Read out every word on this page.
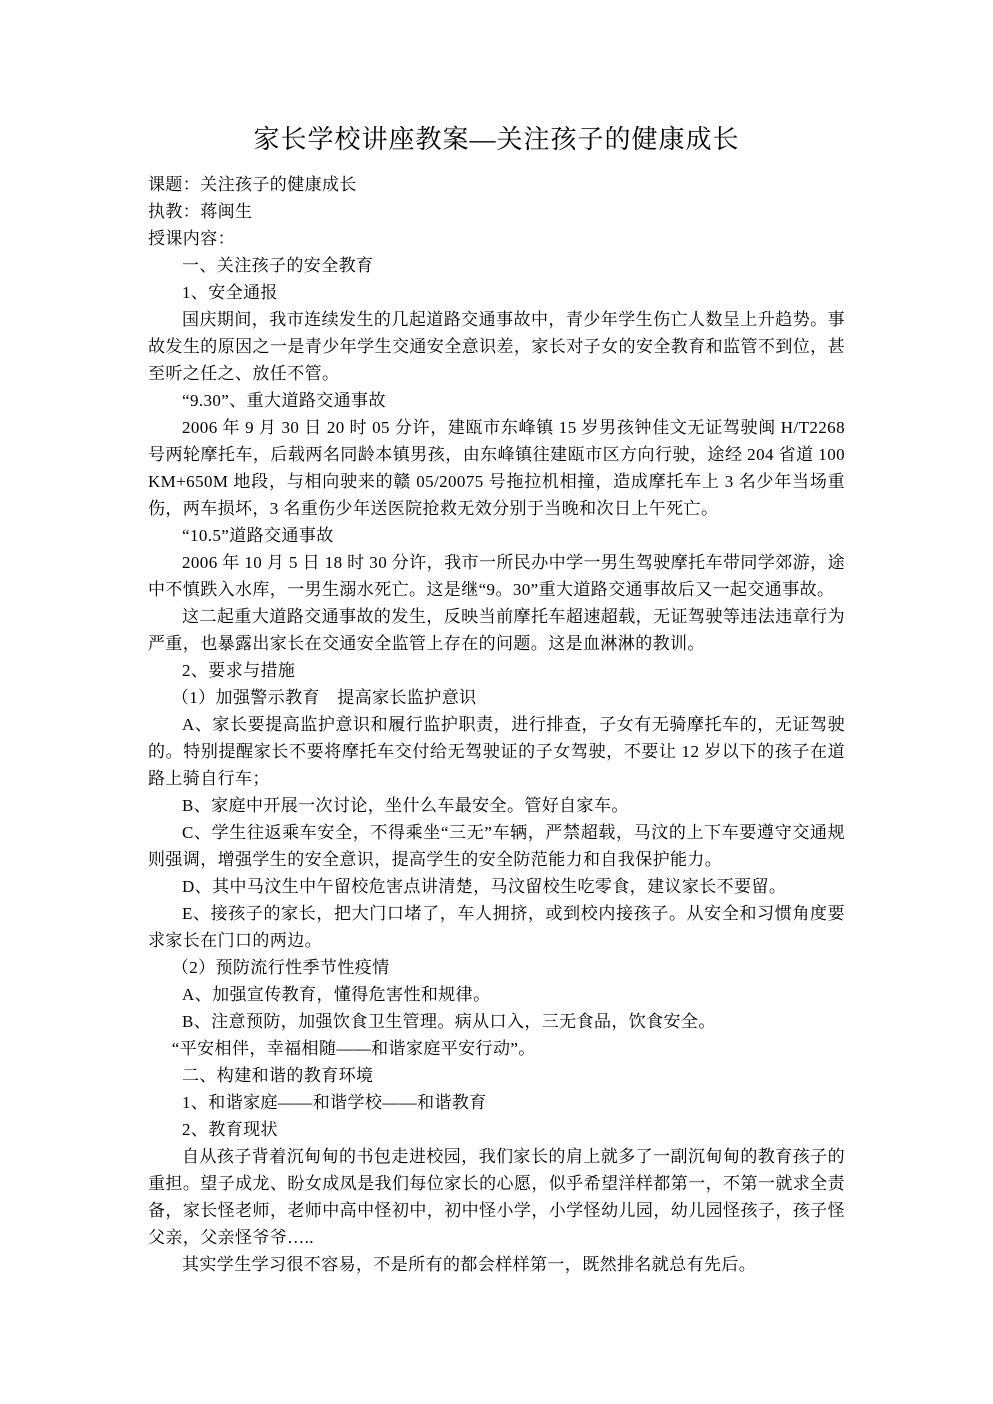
家长学校讲座教案—关注孩子的健康成长

课题：关注孩子的健康成长

执教：蒋闽生

授课内容：

一、关注孩子的安全教育

1、安全通报

国庆期间，我市连续发生的几起道路交通事故中，青少年学生伤亡人数呈上升趋势。事故发生的原因之一是青少年学生交通安全意识差，家长对子女的安全教育和监管不到位，甚至听之任之、放任不管。

“9.30”、重大道路交通事故

2006 年 9 月 30 日 20 时 05 分许，建瓯市东峰镇 15 岁男孩钟佳文无证驾驶闽 H/T2268 号两轮摩托车，后载两名同龄本镇男孩，由东峰镇往建瓯市区方向行驶，途经 204 省道 100KM+650M 地段，与相向驶来的赣 05/20075 号拖拉机相撞，造成摩托车上 3 名少年当场重伤，两车损坏，3 名重伤少年送医院抢救无效分别于当晚和次日上午死亡。

“10.5”道路交通事故

2006 年 10 月 5 日 18 时 30 分许，我市一所民办中学一男生驾驶摩托车带同学郊游，途中不慎跌入水库，一男生溺水死亡。这是继“9。30”重大道路交通事故后又一起交通事故。

这二起重大道路交通事故的发生，反映当前摩托车超速超载，无证驾驶等违法违章行为严重，也暴露出家长在交通安全监管上存在的问题。这是血淋淋的教训。

2、要求与措施

（1）加强警示教育　提高家长监护意识

A、家长要提高监护意识和履行监护职责，进行排查，子女有无骑摩托车的，无证驾驶的。特别提醒家长不要将摩托车交付给无驾驶证的子女驾驶，不要让 12 岁以下的孩子在道路上骑自行车；

B、家庭中开展一次讨论，坐什么车最安全。管好自家车。

C、学生往返乘车安全，不得乘坐“三无”车辆，严禁超载，马汶的上下车要遵守交通规则强调，增强学生的安全意识，提高学生的安全防范能力和自我保护能力。

D、其中马汶生中午留校危害点讲清楚，马汶留校生吃零食，建议家长不要留。

E、接孩子的家长，把大门口堵了，车人拥挤，或到校内接孩子。从安全和习惯角度要求家长在门口的两边。

（2）预防流行性季节性疫情

A、加强宣传教育，懂得危害性和规律。

B、注意预防，加强饮食卫生管理。病从口入，三无食品，饮食安全。

“平安相伴，幸福相随——和谐家庭平安行动”。

二、构建和谐的教育环境

1、和谐家庭——和谐学校——和谐教育

2、教育现状

自从孩子背着沉甸甸的书包走进校园，我们家长的肩上就多了一副沉甸甸的教育孩子的重担。望子成龙、盼女成凤是我们每位家长的心愿，似乎希望洋样都第一，不第一就求全责备，家长怪老师，老师中高中怪初中，初中怪小学，小学怪幼儿园，幼儿园怪孩子，孩子怪父亲，父亲怪爷爷…..

其实学生学习很不容易，不是所有的都会样样第一，既然排名就总有先后。
